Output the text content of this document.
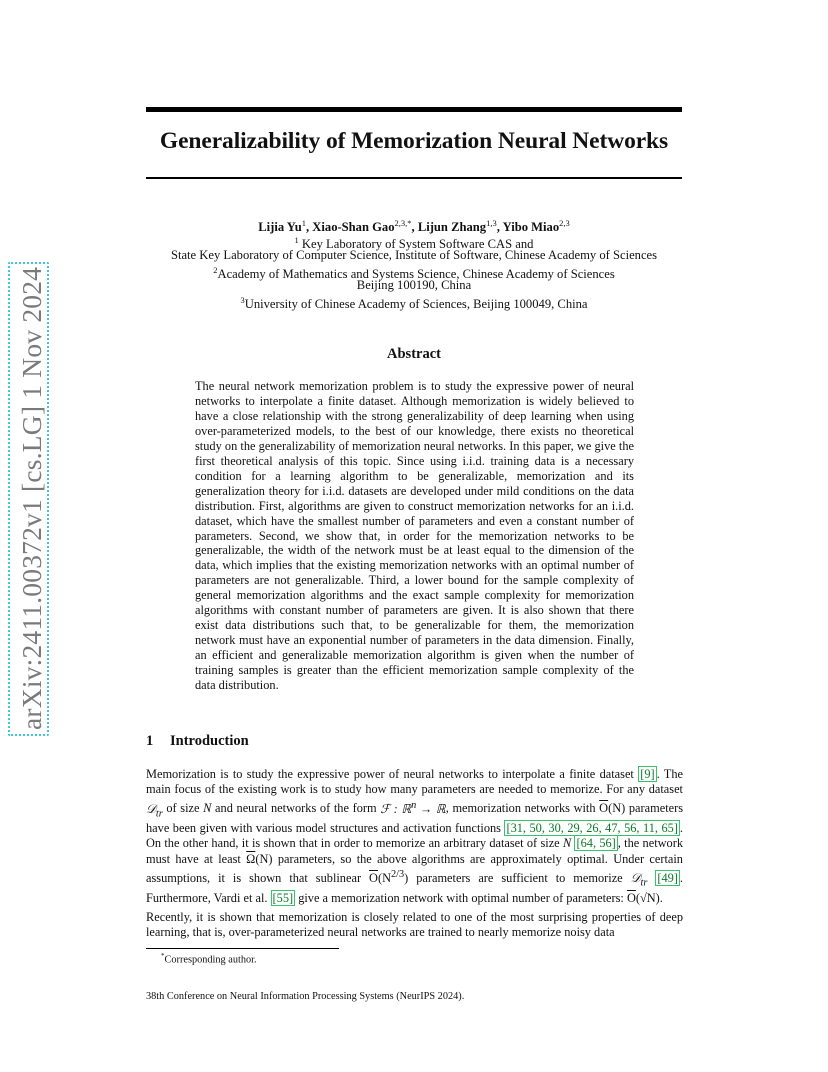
arXiv:2411.00372v1 [cs.LG] 1 Nov 2024
Generalizability of Memorization Neural Networks
Lijia Yu$^1$, Xiao-Shan Gao$^{2,3,*}$, Lijun Zhang$^{1,3}$, Yibo Miao$^{2,3}$
$^1$ Key Laboratory of System Software CAS and
State Key Laboratory of Computer Science, Institute of Software, Chinese Academy of Sciences
$^2$Academy of Mathematics and Systems Science, Chinese Academy of Sciences
Beijing 100190, China
$^3$University of Chinese Academy of Sciences, Beijing 100049, China
Abstract
The neural network memorization problem is to study the expressive power of neural networks to interpolate a finite dataset. Although memorization is widely believed to have a close relationship with the strong generalizability of deep learning when using over-parameterized models, to the best of our knowledge, there exists no theoretical study on the generalizability of memorization neural networks. In this paper, we give the first theoretical analysis of this topic. Since using i.i.d. training data is a necessary condition for a learning algorithm to be generalizable, memorization and its generalization theory for i.i.d. datasets are developed under mild conditions on the data distribution. First, algorithms are given to construct memorization networks for an i.i.d. dataset, which have the smallest number of parameters and even a constant number of parameters. Second, we show that, in order for the memorization networks to be generalizable, the width of the network must be at least equal to the dimension of the data, which implies that the existing memorization networks with an optimal number of parameters are not generalizable. Third, a lower bound for the sample complexity of general memorization algorithms and the exact sample complexity for memorization algorithms with constant number of parameters are given. It is also shown that there exist data distributions such that, to be generalizable for them, the memorization network must have an exponential number of parameters in the data dimension. Finally, an efficient and generalizable memorization algorithm is given when the number of training samples is greater than the efficient memorization sample complexity of the data distribution.
1 Introduction
Memorization is to study the expressive power of neural networks to interpolate a finite dataset [9] . The main focus of the existing work is to study how many parameters are needed to memorize. For any dataset 𝒟$_{tr}$ of size N and neural networks of the form ℱ : ℝ$^n$ → ℝ, memorization networks with $\overline{O}(N)$ parameters have been given with various model structures and activation functions [31, 50, 30, 29, 26, 47, 56, 11, 65] . On the other hand, it is shown that in order to memorize an arbitrary dataset of size N [64, 56] , the network must have at least $\overline{\Omega}(N)$ parameters, so the above algorithms are approximately optimal. Under certain assumptions, it is shown that sublinear $\overline{O}(N^{2/3})$ parameters are sufficient to memorize 𝒟$_{tr}$ [49] . Furthermore, Vardi et al. [55] give a memorization network with optimal number of parameters: $\overline{O}(√N)$.
Recently, it is shown that memorization is closely related to one of the most surprising properties of deep learning, that is, over-parameterized neural networks are trained to nearly memorize noisy data
*Corresponding author.
38th Conference on Neural Information Processing Systems (NeurIPS 2024).
